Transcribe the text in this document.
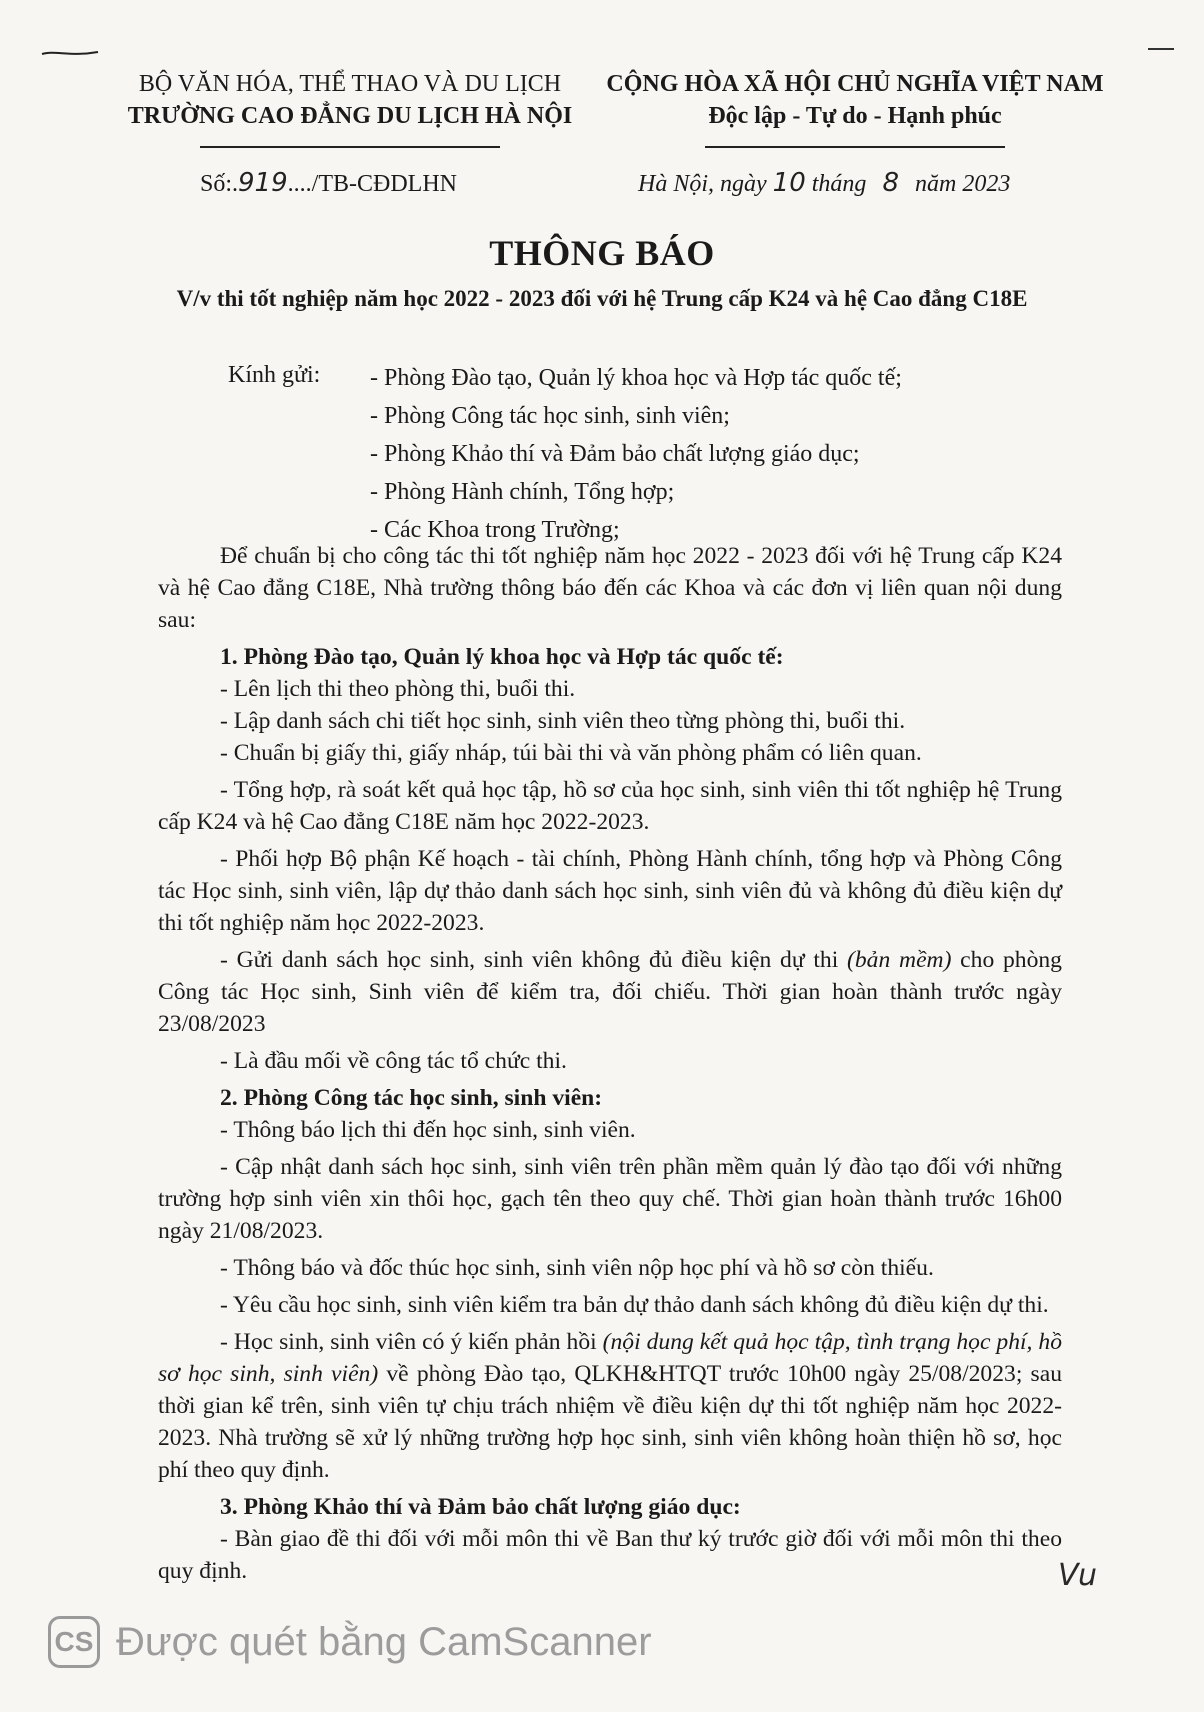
BỘ VĂN HÓA, THỂ THAO VÀ DU LỊCH
TRƯỜNG CAO ĐẲNG DU LỊCH HÀ NỘI
CỘNG HÒA XÃ HỘI CHỦ NGHĨA VIỆT NAM
Độc lập - Tự do - Hạnh phúc
Số:.919..../TB-CĐDLHN	Hà Nội, ngày 10 tháng 8 năm 2023
THÔNG BÁO
V/v thi tốt nghiệp năm học 2022 - 2023 đối với hệ Trung cấp K24 và hệ Cao đẳng C18E
Kính gửi: - Phòng Đào tạo, Quản lý khoa học và Hợp tác quốc tế;
- Phòng Công tác học sinh, sinh viên;
- Phòng Khảo thí và Đảm bảo chất lượng giáo dục;
- Phòng Hành chính, Tổng hợp;
- Các Khoa trong Trường;

Để chuẩn bị cho công tác thi tốt nghiệp năm học 2022 - 2023 đối với hệ Trung cấp K24 và hệ Cao đẳng C18E, Nhà trường thông báo đến các Khoa và các đơn vị liên quan nội dung sau:

1. Phòng Đào tạo, Quản lý khoa học và Hợp tác quốc tế:

- Lên lịch thi theo phòng thi, buổi thi.

- Lập danh sách chi tiết học sinh, sinh viên theo từng phòng thi, buổi thi.

- Chuẩn bị giấy thi, giấy nháp, túi bài thi và văn phòng phẩm có liên quan.

- Tổng hợp, rà soát kết quả học tập, hồ sơ của học sinh, sinh viên thi tốt nghiệp hệ Trung cấp K24 và hệ Cao đẳng C18E năm học 2022-2023.

- Phối hợp Bộ phận Kế hoạch - tài chính, Phòng Hành chính, tổng hợp và Phòng Công tác Học sinh, sinh viên, lập dự thảo danh sách học sinh, sinh viên đủ và không đủ điều kiện dự thi tốt nghiệp năm học 2022-2023.

- Gửi danh sách học sinh, sinh viên không đủ điều kiện dự thi (bản mềm) cho phòng Công tác Học sinh, Sinh viên để kiểm tra, đối chiếu. Thời gian hoàn thành trước ngày 23/08/2023

- Là đầu mối về công tác tổ chức thi.

2. Phòng Công tác học sinh, sinh viên:

- Thông báo lịch thi đến học sinh, sinh viên.

- Cập nhật danh sách học sinh, sinh viên trên phần mềm quản lý đào tạo đối với những trường hợp sinh viên xin thôi học, gạch tên theo quy chế. Thời gian hoàn thành trước 16h00 ngày 21/08/2023.

- Thông báo và đốc thúc học sinh, sinh viên nộp học phí và hồ sơ còn thiếu.

- Yêu cầu học sinh, sinh viên kiểm tra bản dự thảo danh sách không đủ điều kiện dự thi.

- Học sinh, sinh viên có ý kiến phản hồi (nội dung kết quả học tập, tình trạng học phí, hồ sơ học sinh, sinh viên) về phòng Đào tạo, QLKH&HTQT trước 10h00 ngày 25/08/2023; sau thời gian kể trên, sinh viên tự chịu trách nhiệm về điều kiện dự thi tốt nghiệp năm học 2022-2023. Nhà trường sẽ xử lý những trường hợp học sinh, sinh viên không hoàn thiện hồ sơ, học phí theo quy định.

3. Phòng Khảo thí và Đảm bảo chất lượng giáo dục:

- Bàn giao đề thi đối với mỗi môn thi về Ban thư ký trước giờ đối với mỗi môn thi theo quy định.	Vu
CS Được quét bằng CamScanner
